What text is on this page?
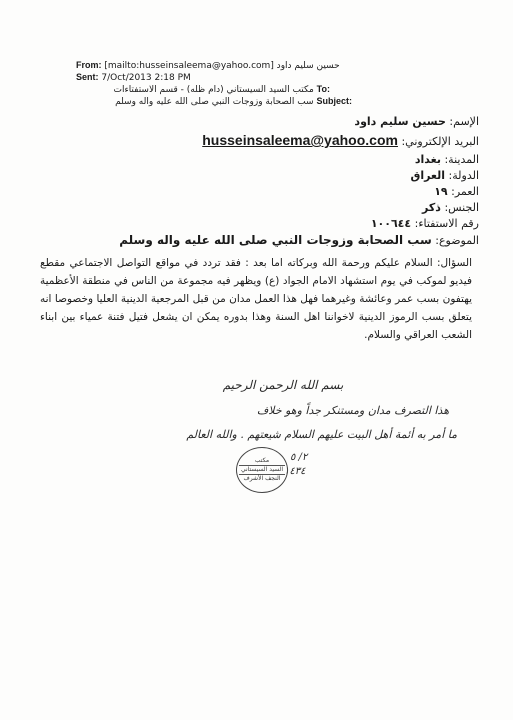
From: حسين سليم داود [mailto:husseinsaleema@yahoo.com]
Sent: 7/Oct/2013 2:18 PM
مكتب السيد السيستاني (دام ظله) - قسم الاستفتاءات To:
سب الصحابة وزوجات النبي صلى الله عليه واله وسلم Subject:
الإسم: حسين سليم داود
البريد الإلكتروني: husseinsaleema@yahoo.com
المدينة: بغداد
الدولة: العراق
العمر: ١٩
الجنس: ذكر
رقم الاستفتاء: ١٠٠٦٤٤
الموضوع: سب الصحابة وزوجات النبي صلى الله عليه واله وسلم
السؤال: السلام عليكم ورحمة الله وبركاته اما بعد : فقد تردد في مواقع التواصل الاجتماعي مقطع فيديو لموكب في يوم استشهاد الامام الجواد (ع) ويظهر فيه مجموعة من الناس في منطقة الأعظمية يهتفون بسب عمر وعائشة وغيرهما فهل هذا العمل مدان من قبل المرجعية الدينية العليا وخصوصا انه يتعلق بسب الرموز الدينية لاخواننا اهل السنة وهذا بدوره يمكن ان يشعل فتيل فتنة عمياء بين ابناء الشعب العراقي والسلام.
بسم الله الرحمن الرحيم
هذا التصرف مدان ومستنكر جداً وهو خلاف
ما أمر به أئمة أهل البيت عليهم السلام شيعتهم . والله العالم
٢/ ٥
١٤٣٤
مكتب
السيد السيستاني
النجف الأشرف
